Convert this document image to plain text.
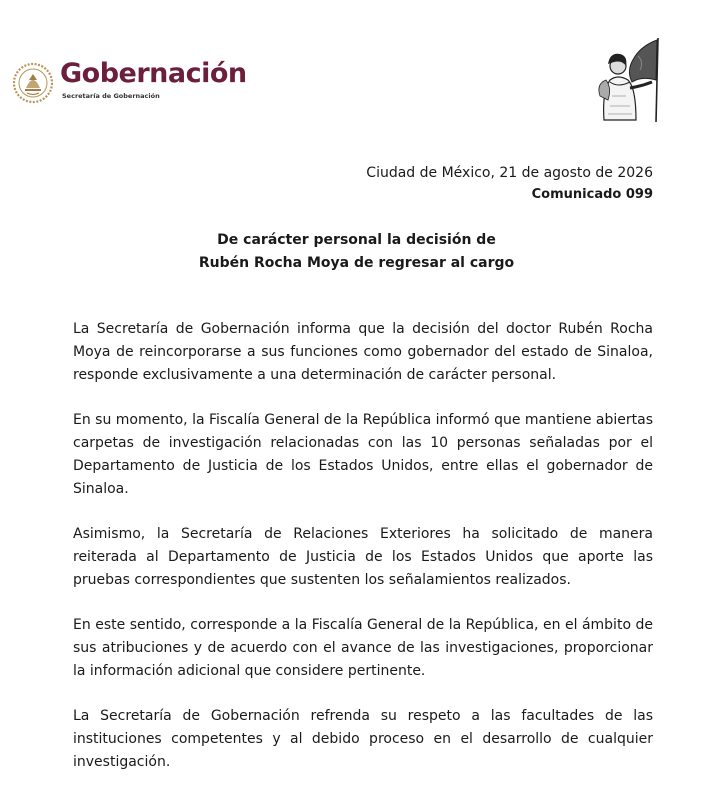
Gobernación
Secretaría de Gobernación
Ciudad de México, 21 de agosto de 2026
Comunicado 099
De carácter personal la decisión de
Rubén Rocha Moya de regresar al cargo

La Secretaría de Gobernación informa que la decisión del doctor Rubén Rocha Moya de reincorporarse a sus funciones como gobernador del estado de Sinaloa, responde exclusivamente a una determinación de carácter personal.

En su momento, la Fiscalía General de la República informó que mantiene abiertas carpetas de investigación relacionadas con las 10 personas señaladas por el Departamento de Justicia de los Estados Unidos, entre ellas el gobernador de Sinaloa.

Asimismo, la Secretaría de Relaciones Exteriores ha solicitado de manera reiterada al Departamento de Justicia de los Estados Unidos que aporte las pruebas correspondientes que sustenten los señalamientos realizados.

En este sentido, corresponde a la Fiscalía General de la República, en el ámbito de sus atribuciones y de acuerdo con el avance de las investigaciones, proporcionar la información adicional que considere pertinente.

La Secretaría de Gobernación refrenda su respeto a las facultades de las instituciones competentes y al debido proceso en el desarrollo de cualquier investigación.
